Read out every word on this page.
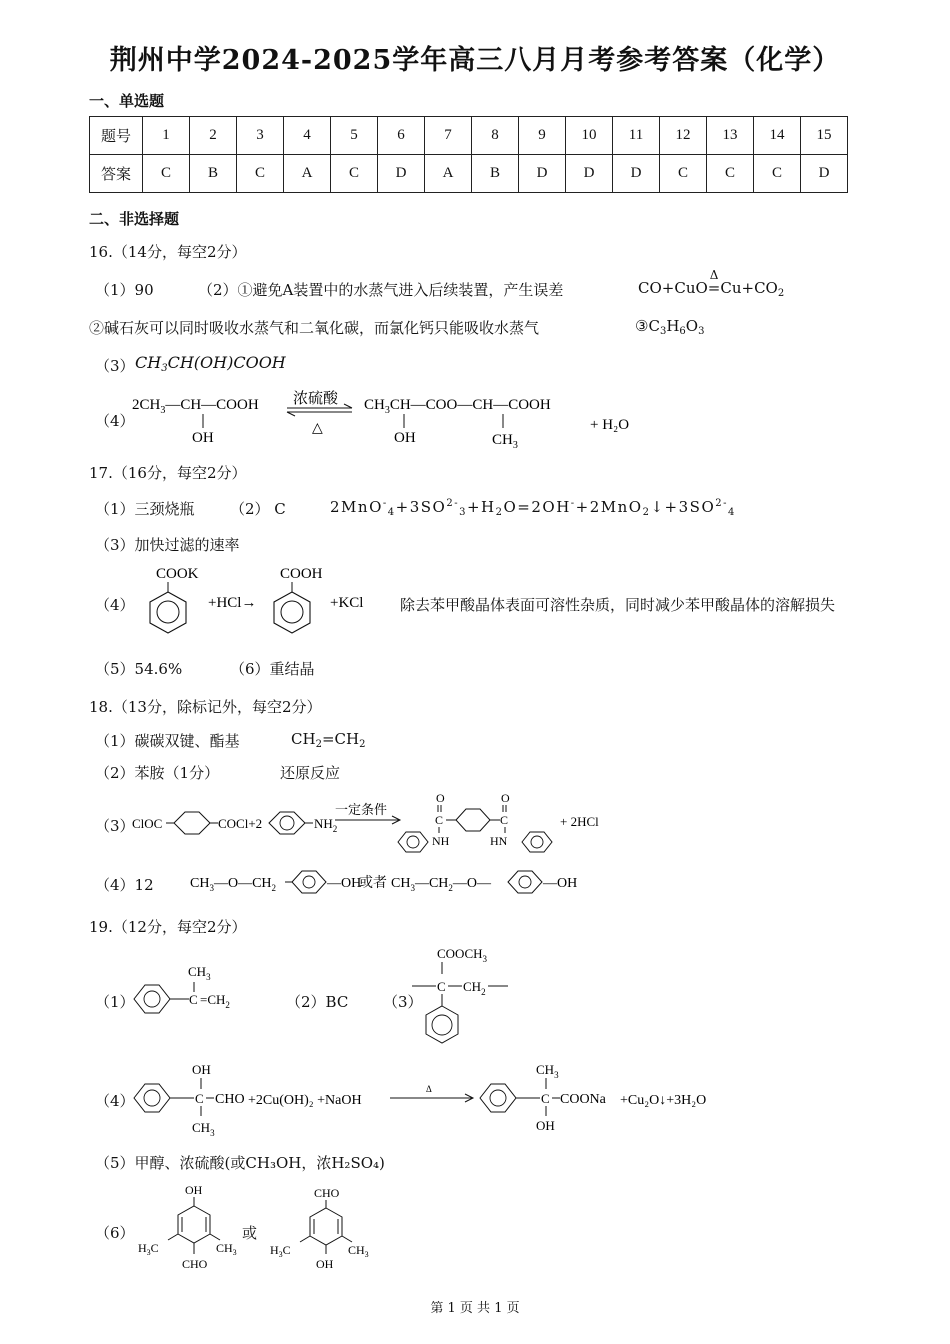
荆州中学2024-2025学年高三八月月考参考答案（化学）
一、单选题
题号	1	2	3	4	5	6	7	8	9	10	11	12	13	14	15
答案	C	B	C	A	C	D	A	B	D	D	D	C	C	C	D
二、非选择题
16.（14分，每空2分）
（1）90	（2）①避免A装置中的水蒸气进入后续装置，产生误差	CO+CuO
Δ
$=Cu+CO_2$
②碱石灰可以同时吸收水蒸气和二氧化碳，而氯化钙只能吸收水蒸气	$③C_3H_6O_3$
（3） $CH_3CH(OH)COOH$
（4）
$2CH_3—CH—COOH$
OH
浓硫酸
△
$CH_3CH—COO—CH—COOH$
OH	$CH_3$
+ H₂O
17.（16分，每空2分）
（1）三颈烧瓶 （2） C	$2MnO^-_4+3SO^{2-}_3+H_2O=2OH^-+2MnO_2↓+3SO^{2-}_4$
（3）加快过滤的速率
（4）
COOK
+HCl→
COOH
+KCl 除去苯甲酸晶体表面可溶性杂质，同时减少苯甲酸晶体的溶解损失
（5）54.6%	（6）重结晶
18.（13分，除标记外，每空2分）
（1）碳碳双键、酯基	$CH_2=CH_2$
（2）苯胺（1分）	还原反应
（3）
ClOC	COCl+2	$NH_2$
一定条件
O
C
O
C
NH	HN
+ 2HCl
（4）12	$CH_3—O—CH_2$	—OH
或者 $CH_3—CH_2—O—$	—OH
19.（12分，每空2分）
（1）
$CH_3$
$C =CH_2$	（2）BC （3）
$COOCH_3$
C $CH_2$
（4）
OH
C CHO
$CH_3$
+2Cu(OH)₂ +NaOH
Δ
$CH_3$
C COONa
OH
+Cu₂O↓+3H₂O
（5）甲醇、浓硫酸(或CH₃OH，浓H₂SO₄)
（6）
OH
$H_3C$	$CH_3$
CHO
或
CHO
$H_3C$	$CH_3$
OH
第 1 页 共 1 页
